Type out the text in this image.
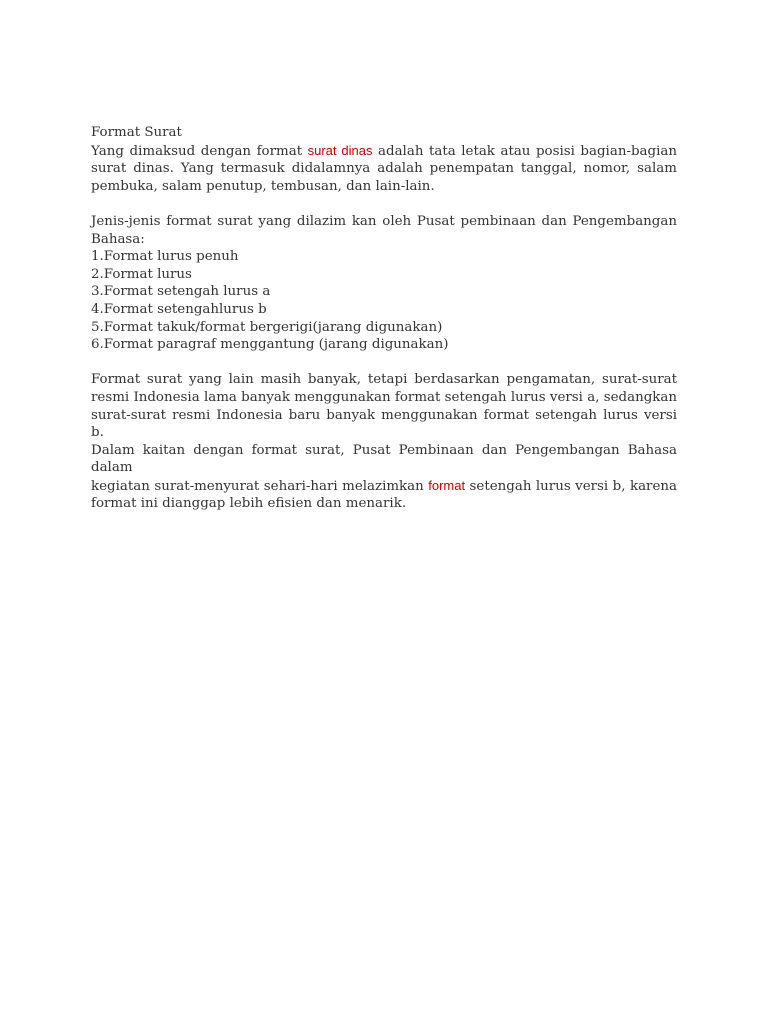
Format Surat
Yang dimaksud dengan format surat dinas adalah tata letak atau posisi bagian-bagian
surat dinas. Yang termasuk didalamnya adalah penempatan tanggal, nomor, salam
pembuka, salam penutup, tembusan, dan lain-lain.
Jenis-jenis format surat yang dilazim kan oleh Pusat pembinaan dan Pengembangan
Bahasa:
1.Format lurus penuh
2.Format lurus
3.Format setengah lurus a
4.Format setengahlurus b
5.Format takuk/format bergerigi(jarang digunakan)
6.Format paragraf menggantung (jarang digunakan)
Format surat yang lain masih banyak, tetapi berdasarkan pengamatan, surat-surat
resmi Indonesia lama banyak menggunakan format setengah lurus versi a, sedangkan
surat-surat resmi Indonesia baru banyak menggunakan format setengah lurus versi b.
Dalam kaitan dengan format surat, Pusat Pembinaan dan Pengembangan Bahasa dalam
kegiatan surat-menyurat sehari-hari melazimkan format setengah lurus versi b, karena
format ini dianggap lebih efisien dan menarik.
